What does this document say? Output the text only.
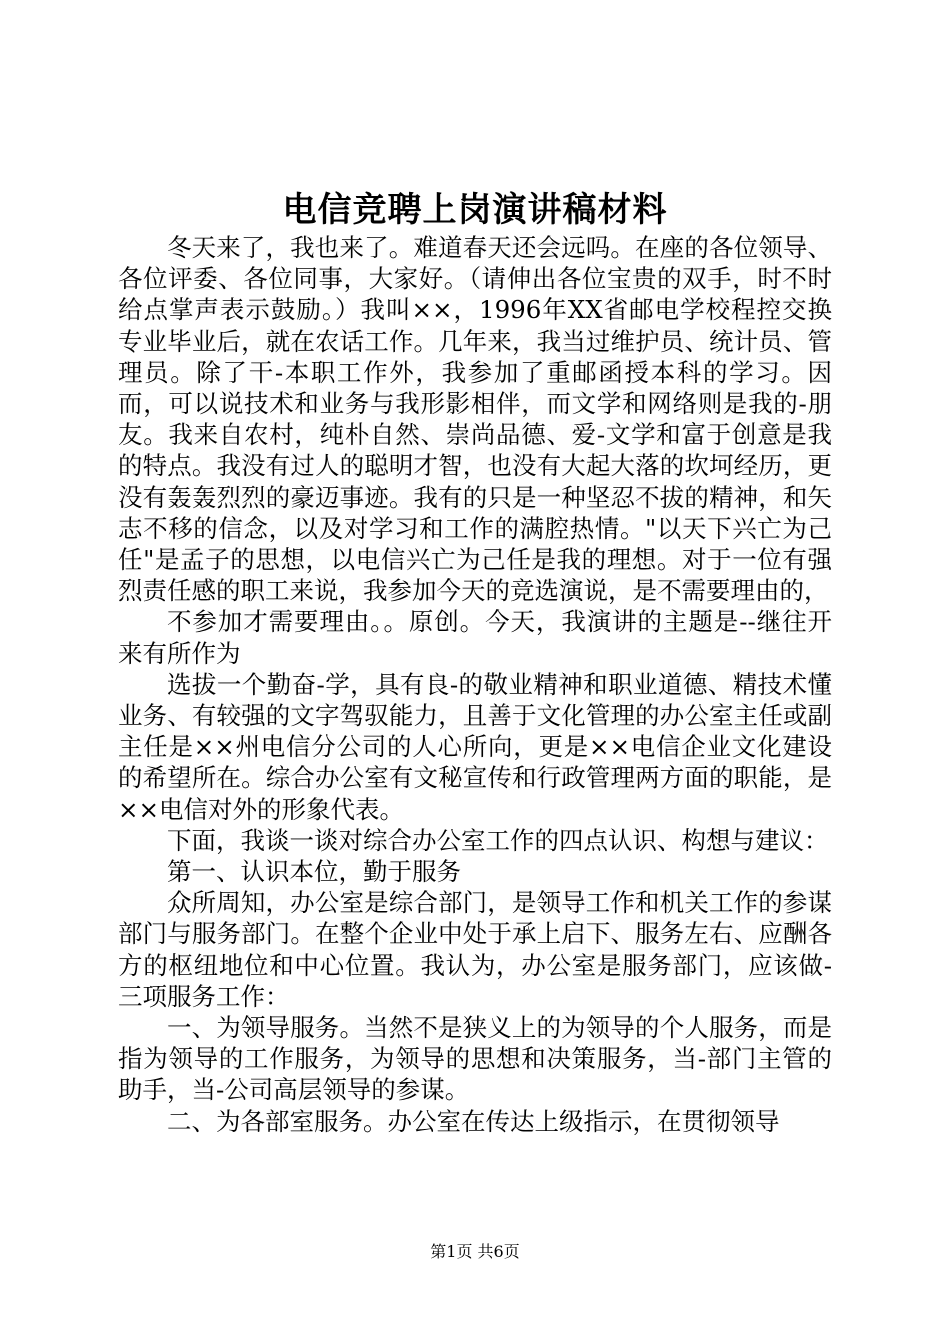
电信竞聘上岗演讲稿材料

冬天来了，我也来了。难道春天还会远吗。在座的各位领导、各位评委、各位同事，大家好。（请伸出各位宝贵的双手，时不时给点掌声表示鼓励。）我叫××，1996年XX省邮电学校程控交换专业毕业后，就在农话工作。几年来，我当过维护员、统计员、管理员。除了干-本职工作外，我参加了重邮函授本科的学习。因而，可以说技术和业务与我形影相伴，而文学和网络则是我的-朋友。我来自农村，纯朴自然、崇尚品德、爱-文学和富于创意是我的特点。我没有过人的聪明才智，也没有大起大落的坎坷经历，更没有轰轰烈烈的豪迈事迹。我有的只是一种坚忍不拔的精神，和矢志不移的信念，以及对学习和工作的满腔热情。"以天下兴亡为己任"是孟子的思想，以电信兴亡为己任是我的理想。对于一位有强烈责任感的职工来说，我参加今天的竞选演说，是不需要理由的，

不参加才需要理由。。原创。今天，我演讲的主题是--继往开来有所作为

选拔一个勤奋-学，具有良-的敬业精神和职业道德、精技术懂业务、有较强的文字驾驭能力，且善于文化管理的办公室主任或副主任是××州电信分公司的人心所向，更是××电信企业文化建设的希望所在。综合办公室有文秘宣传和行政管理两方面的职能，是××电信对外的形象代表。

下面，我谈一谈对综合办公室工作的四点认识、构想与建议：

第一、认识本位，勤于服务

众所周知，办公室是综合部门，是领导工作和机关工作的参谋部门与服务部门。在整个企业中处于承上启下、服务左右、应酬各方的枢纽地位和中心位置。我认为，办公室是服务部门，应该做-三项服务工作：

一、为领导服务。当然不是狭义上的为领导的个人服务，而是指为领导的工作服务，为领导的思想和决策服务，当-部门主管的助手，当-公司高层领导的参谋。

二、为各部室服务。办公室在传达上级指示，在贯彻领导

第1页 共6页
